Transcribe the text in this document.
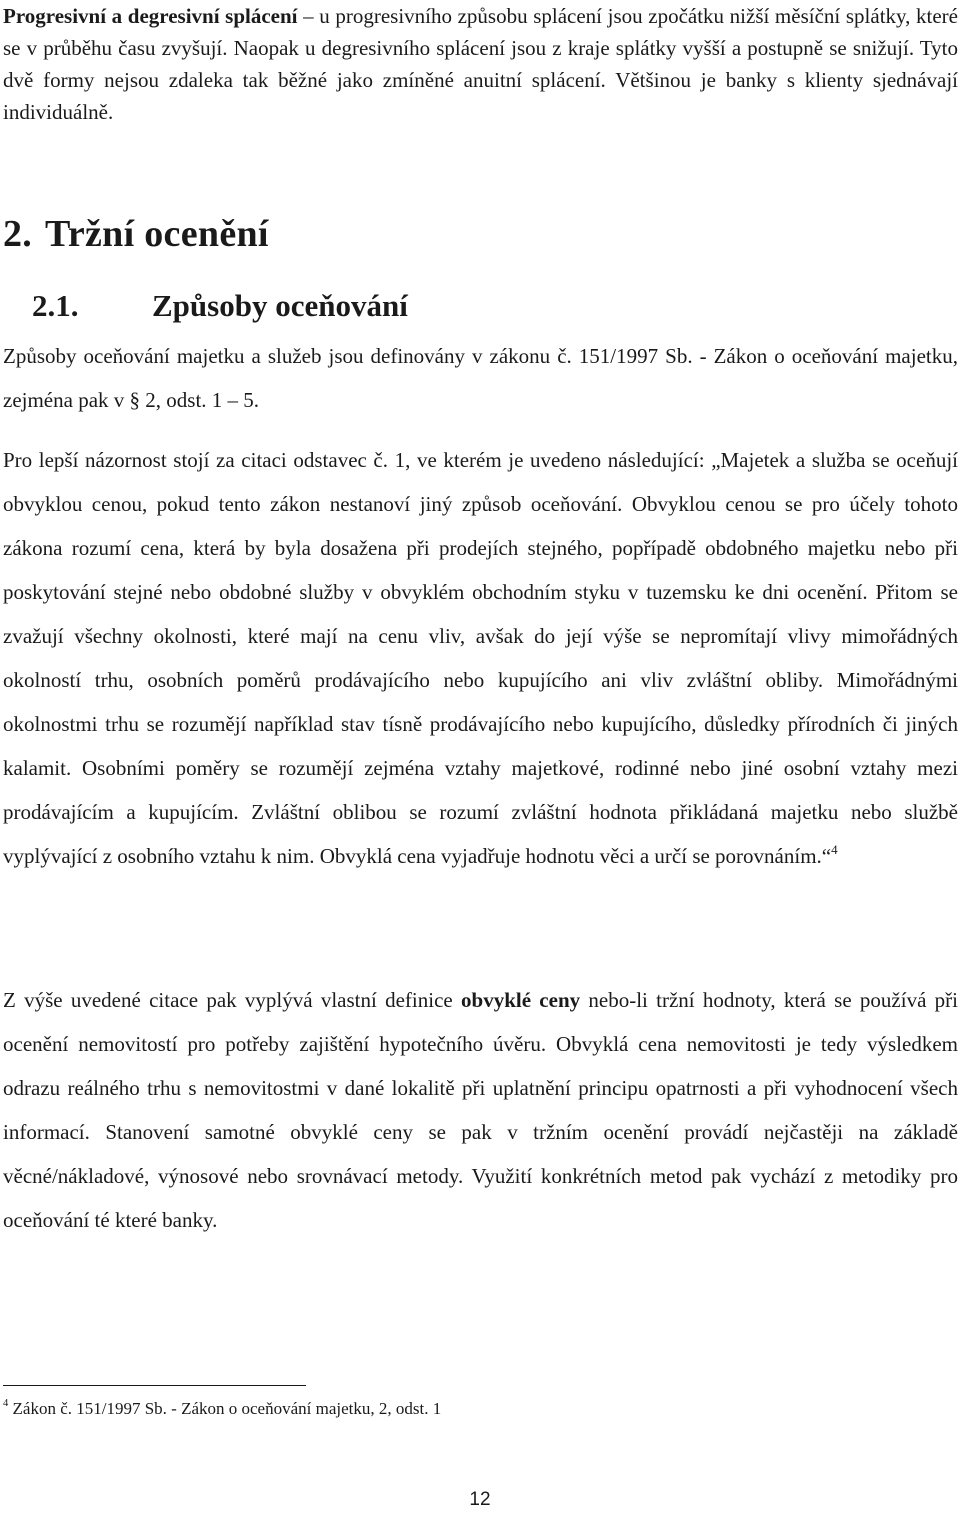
Progresivní a degresivní splácení – u progresivního způsobu splácení jsou zpočátku nižší měsíční splátky, které se v průběhu času zvyšují. Naopak u degresivního splácení jsou z kraje splátky vyšší a postupně se snižují. Tyto dvě formy nejsou zdaleka tak běžné jako zmíněné anuitní splácení. Většinou je banky s klienty sjednávají individuálně.

2. Tržní ocenění
2.1. Způsoby oceňování

Způsoby oceňování majetku a služeb jsou definovány v zákonu č. 151/1997 Sb. - Zákon o oceňování majetku, zejména pak v § 2, odst. 1 – 5.

Pro lepší názornost stojí za citaci odstavec č. 1, ve kterém je uvedeno následující: „Majetek a služba se oceňují obvyklou cenou, pokud tento zákon nestanoví jiný způsob oceňování. Obvyklou cenou se pro účely tohoto zákona rozumí cena, která by byla dosažena při prodejích stejného, popřípadě obdobného majetku nebo při poskytování stejné nebo obdobné služby v obvyklém obchodním styku v tuzemsku ke dni ocenění. Přitom se zvažují všechny okolnosti, které mají na cenu vliv, avšak do její výše se nepromítají vlivy mimořádných okolností trhu, osobních poměrů prodávajícího nebo kupujícího ani vliv zvláštní obliby. Mimořádnými okolnostmi trhu se rozumějí například stav tísně prodávajícího nebo kupujícího, důsledky přírodních či jiných kalamit. Osobními poměry se rozumějí zejména vztahy majetkové, rodinné nebo jiné osobní vztahy mezi prodávajícím a kupujícím. Zvláštní oblibou se rozumí zvláštní hodnota přikládaná majetku nebo službě vyplývající z osobního vztahu k nim. Obvyklá cena vyjadřuje hodnotu věci a určí se porovnáním.“$^4$

Z výše uvedené citace pak vyplývá vlastní definice obvyklé ceny nebo-li tržní hodnoty, která se používá při ocenění nemovitostí pro potřeby zajištění hypotečního úvěru. Obvyklá cena nemovitosti je tedy výsledkem odrazu reálného trhu s nemovitostmi v dané lokalitě při uplatnění principu opatrnosti a při vyhodnocení všech informací. Stanovení samotné obvyklé ceny se pak v tržním ocenění provádí nejčastěji na základě věcné/nákladové, výnosové nebo srovnávací metody. Využití konkrétních metod pak vychází z metodiky pro oceňování té které banky.

$^4$ Zákon č. 151/1997 Sb. - Zákon o oceňování majetku, 2, odst. 1

12
